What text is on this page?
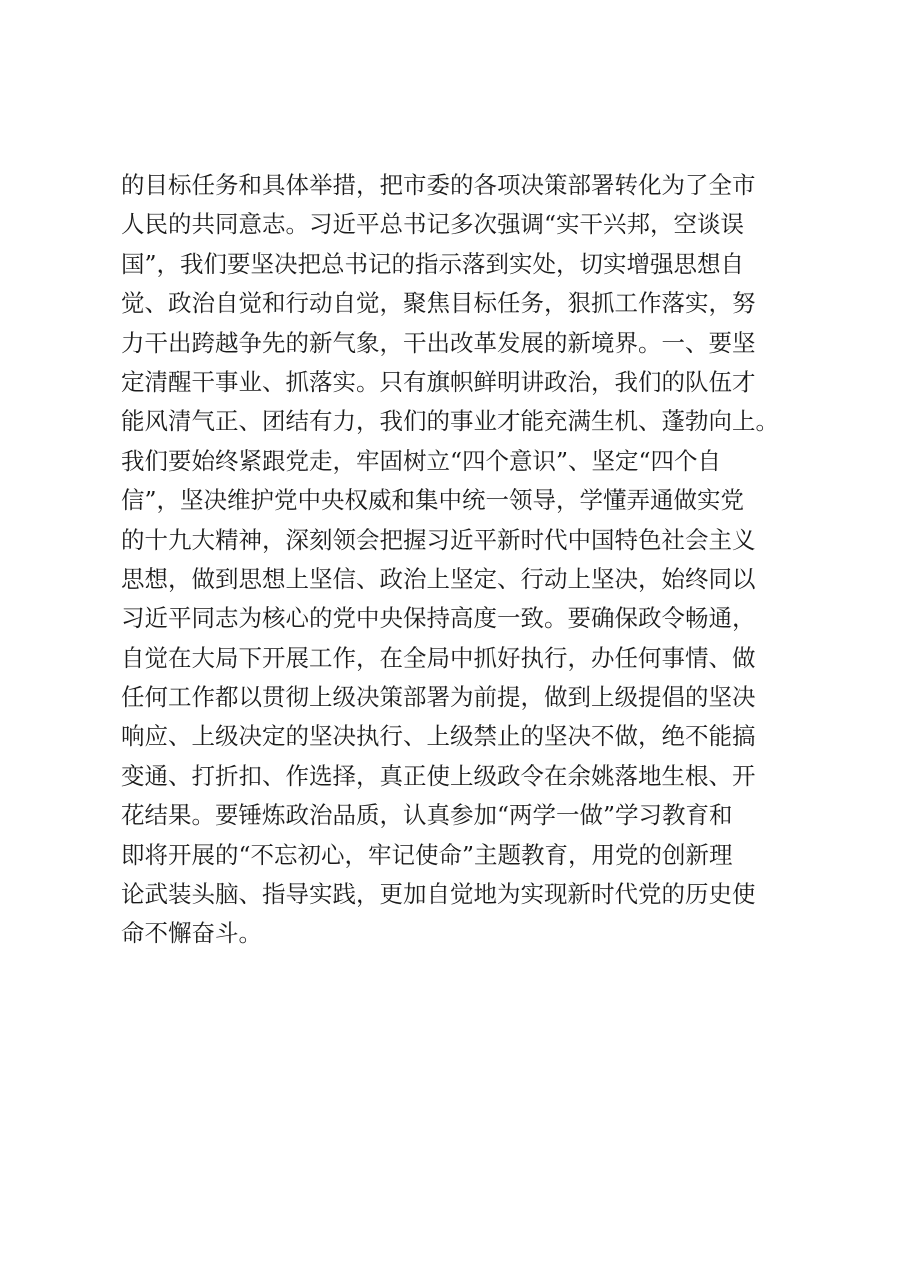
的目标任务和具体举措，把市委的各项决策部署转化为了全市
人民的共同意志。习近平总书记多次强调“实干兴邦，空谈误
国”，我们要坚决把总书记的指示落到实处，切实增强思想自
觉、政治自觉和行动自觉，聚焦目标任务，狠抓工作落实，努
力干出跨越争先的新气象，干出改革发展的新境界。一、要坚
定清醒干事业、抓落实。只有旗帜鲜明讲政治，我们的队伍才
能风清气正、团结有力，我们的事业才能充满生机、蓬勃向上。
我们要始终紧跟党走，牢固树立“四个意识”、坚定“四个自
信”，坚决维护党中央权威和集中统一领导，学懂弄通做实党
的十九大精神，深刻领会把握习近平新时代中国特色社会主义
思想，做到思想上坚信、政治上坚定、行动上坚决，始终同以
习近平同志为核心的党中央保持高度一致。要确保政令畅通，
自觉在大局下开展工作，在全局中抓好执行，办任何事情、做
任何工作都以贯彻上级决策部署为前提，做到上级提倡的坚决
响应、上级决定的坚决执行、上级禁止的坚决不做，绝不能搞
变通、打折扣、作选择，真正使上级政令在余姚落地生根、开
花结果。要锤炼政治品质，认真参加“两学一做”学习教育和
即将开展的“不忘初心，牢记使命”主题教育，用党的创新理
论武装头脑、指导实践，更加自觉地为实现新时代党的历史使
命不懈奋斗。
